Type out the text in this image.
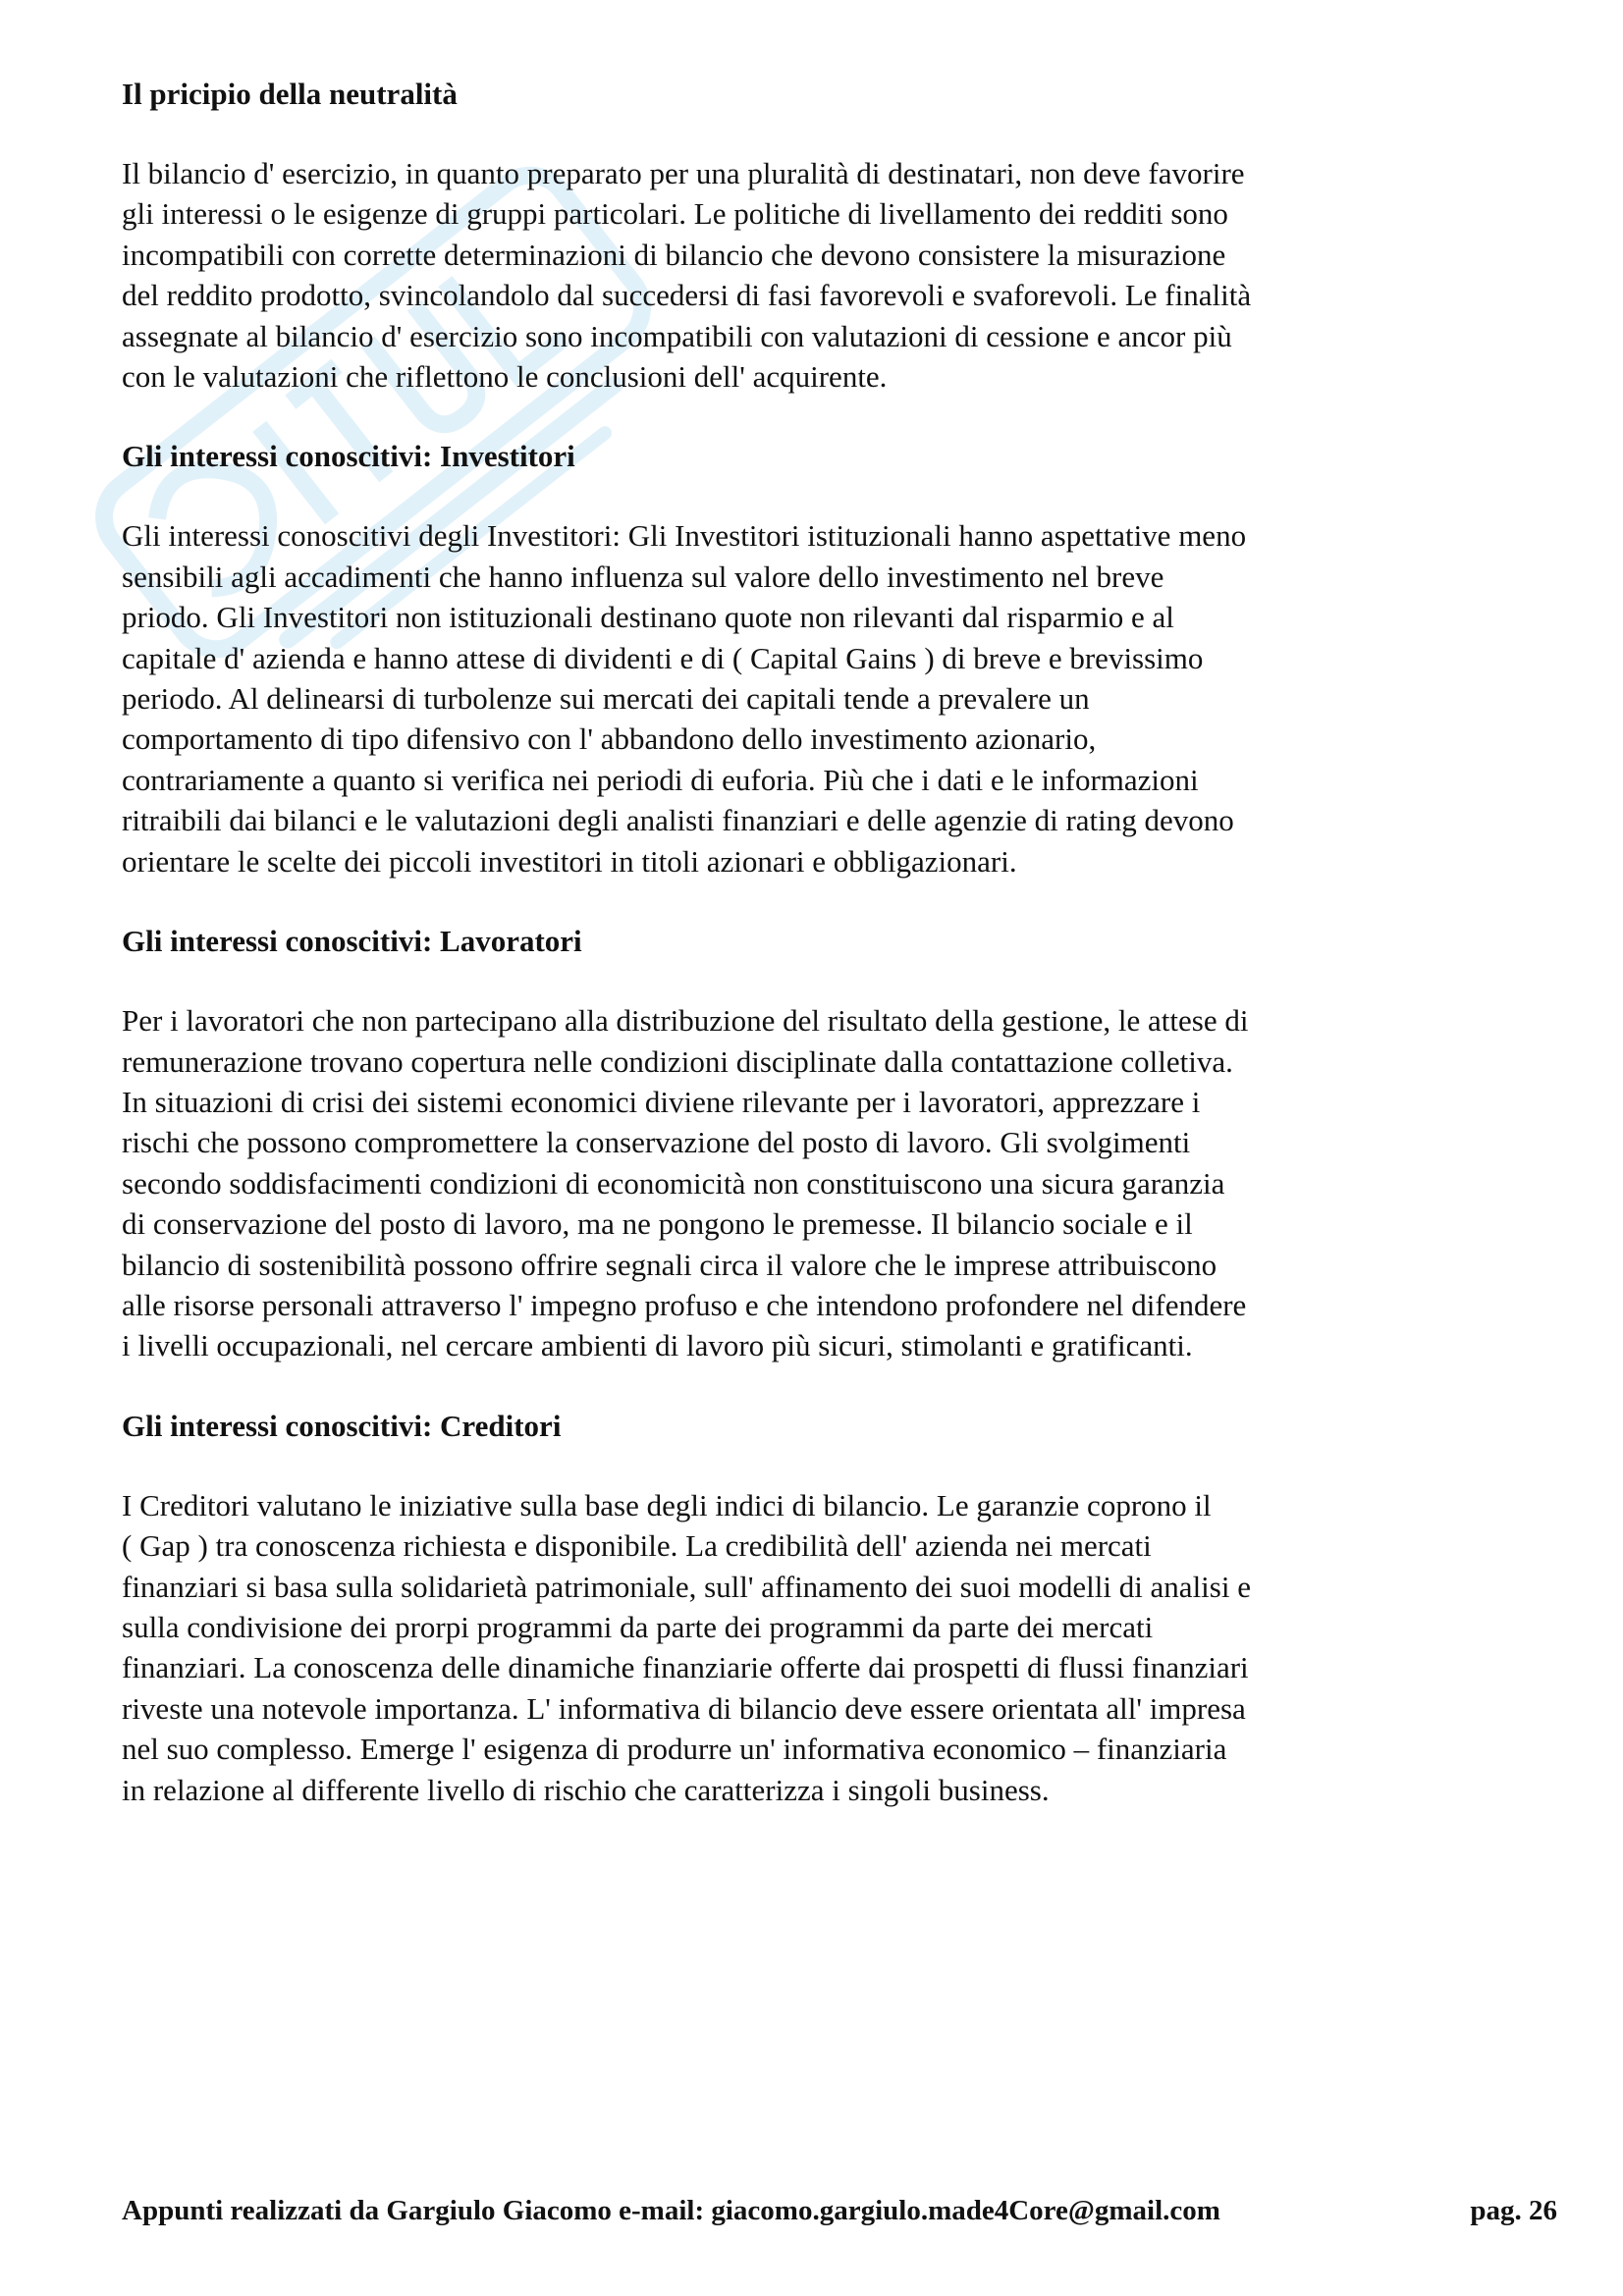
Il pricipio della neutralità

Il bilancio d' esercizio, in quanto preparato per una pluralità di destinatari, non deve favorire
gli interessi o le esigenze di gruppi particolari. Le politiche di livellamento dei redditi sono
incompatibili con corrette determinazioni di bilancio che devono consistere la misurazione
del reddito prodotto, svincolandolo dal succedersi di fasi favorevoli e svaforevoli. Le finalità
assegnate al bilancio d' esercizio sono incompatibili con valutazioni di cessione e ancor più
con le valutazioni che riflettono le conclusioni dell' acquirente.

Gli interessi conoscitivi: Investitori

Gli interessi conoscitivi degli Investitori: Gli Investitori istituzionali hanno aspettative meno
sensibili agli accadimenti che hanno influenza sul valore dello investimento nel breve
priodo. Gli Investitori non istituzionali destinano quote non rilevanti dal risparmio e al
capitale d' azienda e hanno attese di dividenti e di ( Capital Gains ) di breve e brevissimo
periodo. Al delinearsi di turbolenze sui mercati dei capitali tende a prevalere un
comportamento di tipo difensivo con l' abbandono dello investimento azionario,
contrariamente a quanto si verifica nei periodi di euforia. Più che i dati e le informazioni
ritraibili dai bilanci e le valutazioni degli analisti finanziari e delle agenzie di rating devono
orientare le scelte dei piccoli investitori in titoli azionari e obbligazionari.

Gli interessi conoscitivi: Lavoratori

Per i lavoratori che non partecipano alla distribuzione del risultato della gestione, le attese di
remunerazione trovano copertura nelle condizioni disciplinate dalla contattazione colletiva.
In situazioni di crisi dei sistemi economici diviene rilevante per i lavoratori, apprezzare i
rischi che possono compromettere la conservazione del posto di lavoro. Gli svolgimenti
secondo soddisfacimenti condizioni di economicità non constituiscono una sicura garanzia
di conservazione del posto di lavoro, ma ne pongono le premesse. Il bilancio sociale e il
bilancio di sostenibilità possono offrire segnali circa il valore che le imprese attribuiscono
alle risorse personali attraverso l' impegno profuso e che intendono profondere nel difendere
i livelli occupazionali, nel cercare ambienti di lavoro più sicuri, stimolanti e gratificanti.

Gli interessi conoscitivi: Creditori

I Creditori valutano le iniziative sulla base degli indici di bilancio. Le garanzie coprono il
( Gap ) tra conoscenza richiesta e disponibile. La credibilità dell' azienda nei mercati
finanziari si basa sulla solidarietà patrimoniale, sull' affinamento dei suoi modelli di analisi e
sulla condivisione dei prorpi programmi da parte dei programmi da parte dei mercati
finanziari. La conoscenza delle dinamiche finanziarie offerte dai prospetti di flussi finanziari
riveste una notevole importanza. L' informativa di bilancio deve essere orientata all' impresa
nel suo complesso. Emerge l' esigenza di produrre un' informativa economico – finanziaria
in relazione al differente livello di rischio che caratterizza i singoli business.

Appunti realizzati da Gargiulo Giacomo e-mail: giacomo.gargiulo.made4Core@gmail.com	pag. 26
